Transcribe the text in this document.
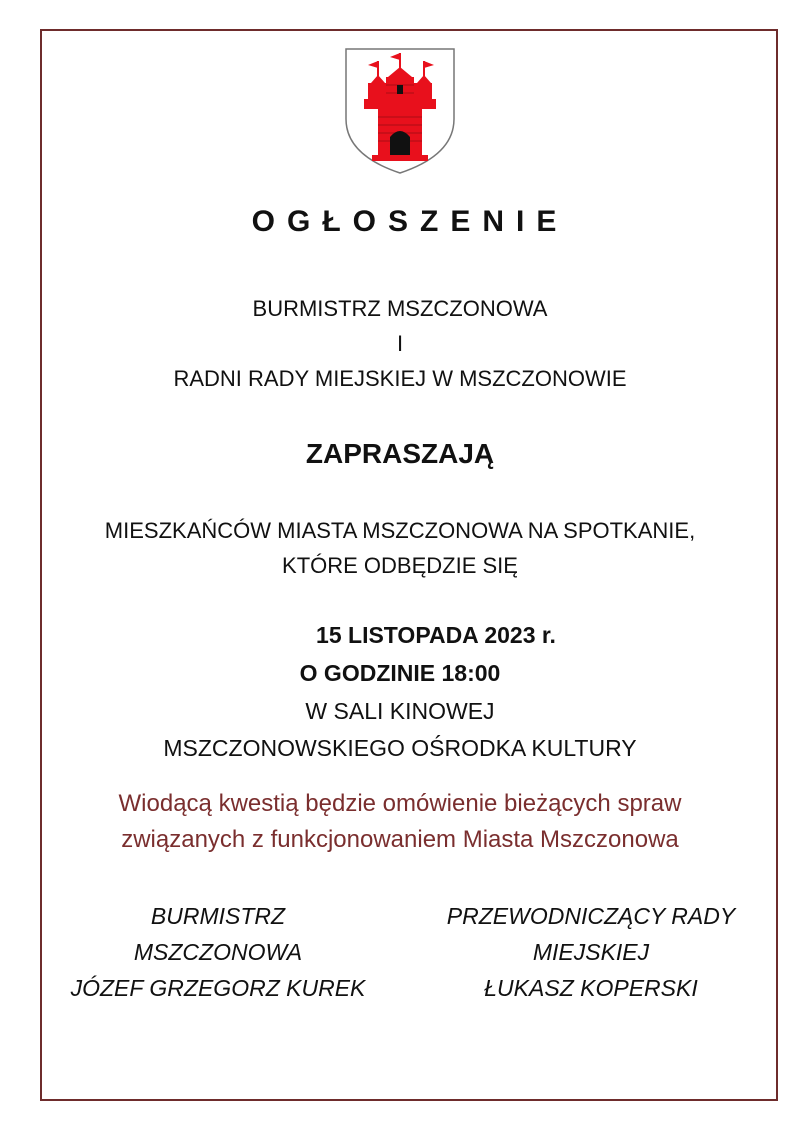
OGŁOSZENIE
BURMISTRZ MSZCZONOWA
I
RADNI RADY MIEJSKIEJ W MSZCZONOWIE
ZAPRASZAJĄ
MIESZKAŃCÓW MIASTA MSZCZONOWA NA SPOTKANIE,
KTÓRE ODBĘDZIE SIĘ
15 LISTOPADA 2023 r.
O GODZINIE 18:00
W SALI KINOWEJ
MSZCZONOWSKIEGO OŚRODKA KULTURY
Wiodącą kwestią będzie omówienie bieżących spraw
związanych z funkcjonowaniem Miasta Mszczonowa
BURMISTRZ
MSZCZONOWA
JÓZEF GRZEGORZ KUREK
PRZEWODNICZĄCY RADY
MIEJSKIEJ
ŁUKASZ KOPERSKI
